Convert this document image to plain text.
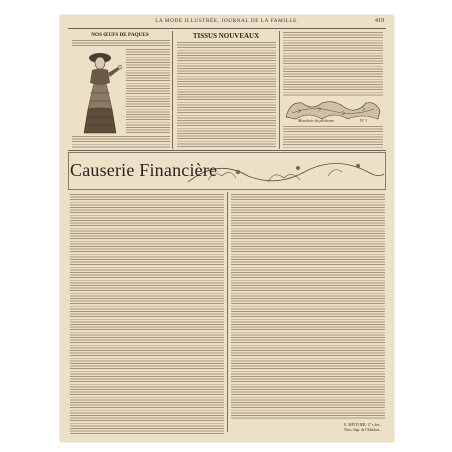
LA MODE ILLUSTRÉE, JOURNAL DE LA FAMILLE.	419
NOS ŒUFS DE PAQUES	TISSUS NOUVEAUX
Mouchoir de pêcheurs	N° 1
Causerie Financière
E. MÉTIVIER, 17 r. des...
Paris. Imp. de l'Adminis...
